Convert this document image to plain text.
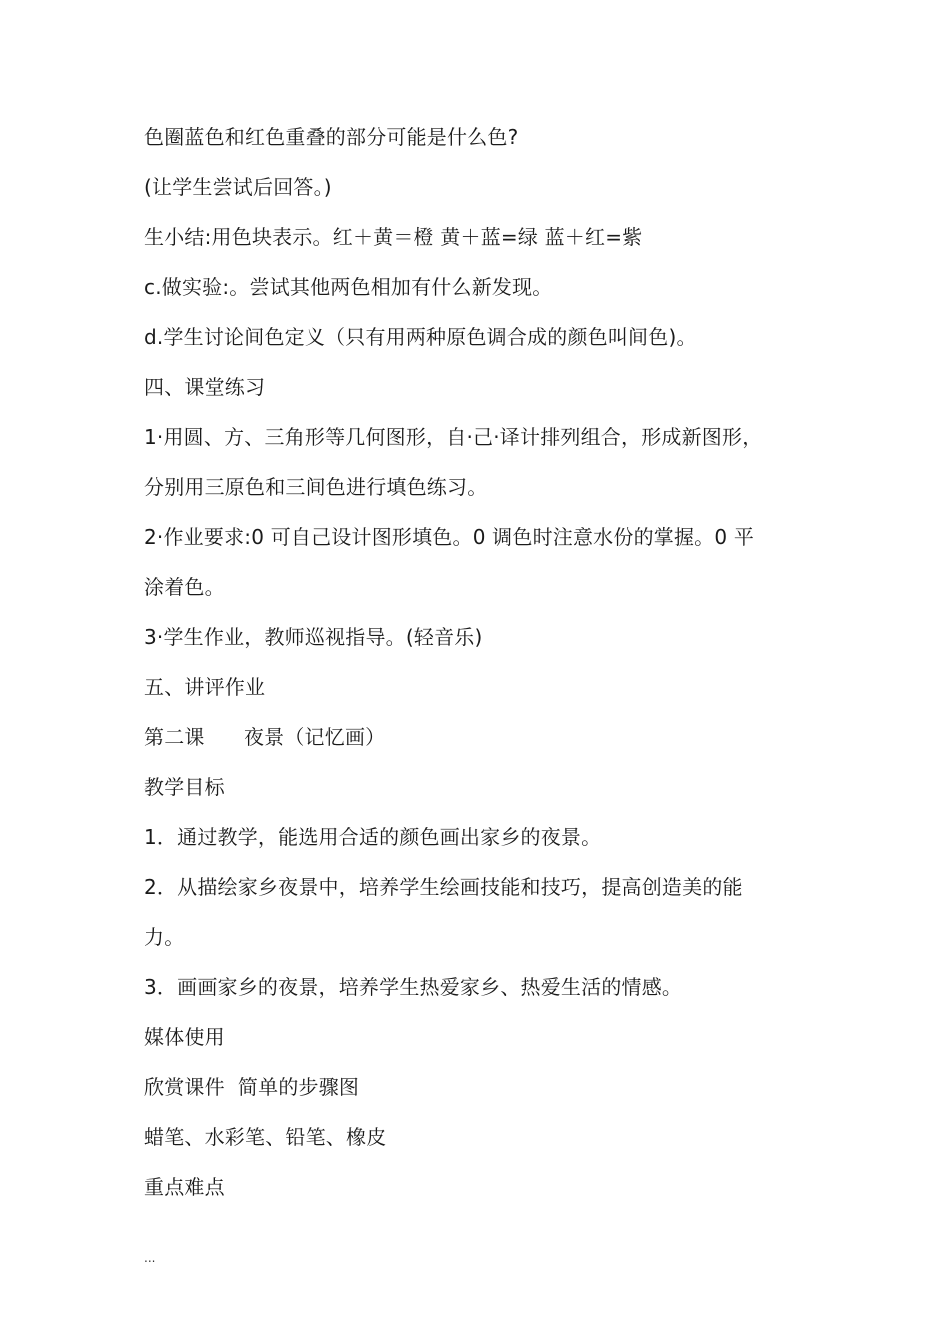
色圈蓝色和红色重叠的部分可能是什么色?

(让学生尝试后回答。)

生小结:用色块表示。红＋黄＝橙 黄＋蓝=绿 蓝＋红=紫

c.做实验:。尝试其他两色相加有什么新发现。

d.学生讨论间色定义（只有用两种原色调合成的颜色叫间色)。

四、课堂练习

1·用圆、方、三角形等几何图形，自·己·译计排列组合，形成新图形，

分别用三原色和三间色进行填色练习。

2·作业要求:0 可自己设计图形填色。0 调色时注意水份的掌握。0 平

涂着色。

3·学生作业，教师巡视指导。(轻音乐)

五、讲评作业

第二课      夜景（记忆画）

教学目标

1．通过教学，能选用合适的颜色画出家乡的夜景。

2．从描绘家乡夜景中，培养学生绘画技能和技巧，提高创造美的能

力。

3．画画家乡的夜景，培养学生热爱家乡、热爱生活的情感。

媒体使用

欣赏课件  简单的步骤图

蜡笔、水彩笔、铅笔、橡皮

重点难点

...
